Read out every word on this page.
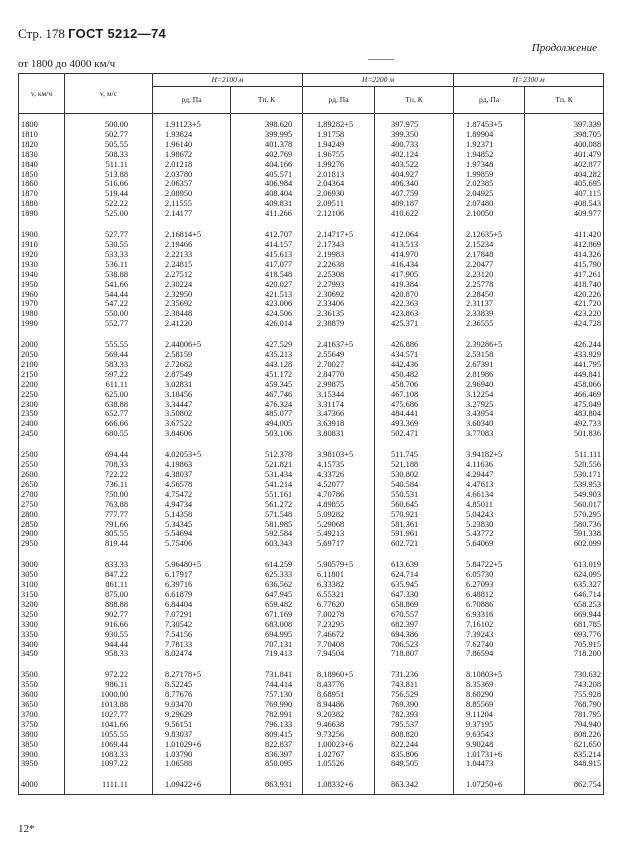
Стр. 178 ГОСТ 5212—74
Продолжение
от 1800 до 4000 км/ч
v, км/ч	v, м/с	H=2100 м		H=2200 м		H=2300 м	
		pд, Па	Tп, К	pд, Па	Tп, К	pд, Па	Tп, К
1800	500.00	1.91123+5	398.620	1.89282+5	397.975	1.87453+5	397.339
1810	502.77	1.93624	399.995	1.91758	399.350	1.89904	398.705
1820	505.55	1.96140	401.378	1.94249	400.733	1.92371	400.088
1830	508.33	1.98672	402.769	1.96755	402.124	1.94852	401.479
1840	511.11	2.01218	404.166	1.99276	403.522	1.97348	402.877
1850	513.88	2.03780	405.571	2.01813	404.927	1.99859	404.282
1860	516.66	2.06357	406.984	2.04364	406.340	2.02385	405.695
1870	519.44	2.08950	408.404	2.06930	407.759	2.04925	407.115
1880	522.22	2.11555	409.831	2.09511	409.187	2.07480	408.543
1890	525.00	2.14177	411.266	2.12106	410.622	2.10050	409.977

1900	527.77	2.16814+5	412.707	2.14717+5	412.064	2.12635+5	411.420
1910	530.55	2.19466	414.157	2.17343	413.513	2.15234	412.869
1920	533.33	2.22133	415.613	2.19983	414.970	2.17848	414.326
1930	536.11	2.24815	417.077	2.22638	416.434	2.20477	415.790
1940	538.88	2.27512	418.548	2.25308	417.905	2.23120	417.261
1950	541.66	2.30224	420.027	2.27993	419.384	2.25778	418.740
1960	544.44	2.32950	421.513	2.30692	420.870	2.28450	420.226
1970	547.22	2.35692	423.006	2.33406	422.363	2.31137	421.720
1980	550.00	2.38448	424.506	2.36135	423.863	2.33839	423.220
1990	552.77	2.41220	426.014	2.38879	425.371	2.36555	424.728

2000	555.55	2.44006+5	427.529	2.41637+5	426.886	2.39286+5	426.244
2050	569.44	2.58159	435.213	2.55649	434.571	2.53158	433.929
2100	583.33	2.72682	443.128	2.70027	442.436	2.67391	441.795
2150	597.22	2.87549	451.172	2.84770	450.482	2.81986	449.841
2200	611.11	3.02831	459.345	2.99875	458.706	2.96940	458.066
2250	625.00	3.18456	467.746	3.15344	467.108	3.12254	466.469
2300	638.88	3.34447	476.324	3.31174	475.686	3.27925	475.049
2350	652.77	3.50802	485.077	3.47366	484.441	3.43954	483.804
2400	666.66	3.67522	494.005	3.63918	493.369	3.60340	492.733
2450	680.55	3.84606	503.106	3.80831	502.471	3.77083	501.836

2500	694.44	4.02053+5	512.378	3.98103+5	511.745	3.94182+5	511.111
2550	708.33	4.19863	521.821	4.15735	521.188	4.11636	520.556
2600	722.22	4.38037	531.434	4.33726	530.802	4.29447	530.171
2650	736.11	4.56578	541.214	4.52077	540.584	4.47613	539.953
2700	750.00	4.75472	551.161	4.70786	550.531	4.66134	549.903
2750	763.88	4.94734	561.272	4.89855	560.645	4.85011	560.017
2800	777.77	5.14358	571.548	5.09282	570.921	5.04243	570.295
2850	791.66	5.34345	581.985	5.29068	581.361	5.23830	580.736
2900	805.55	5.54694	592.584	5.49213	591.961	5.43772	591.338
2950	819.44	5.75406	603.343	5.69717	602.721	5.64069	602.099

3000	833.33	5.96480+5	614.259	5.90579+5	613.639	5.84722+5	613.019
3050	847.22	6.17917	625.333	6.11801	624.714	6.05730	624.095
3100	861.11	6.39716	636.562	6.33382	635.945	6.27093	635.327
3150	875.00	6.61879	647.945	6.55321	647.330	6.48812	646.714
3200	888.88	6.84404	659.482	6.77620	658.869	6.70886	658.253
3250	902.77	7.07291	671.169	7.00278	670.557	6.93316	669.944
3300	916.66	7.30542	683.008	7.23295	682.397	7.16102	681.785
3350	930.55	7.54156	694.995	7.46672	694.386	7.39243	693.776
3400	944.44	7.78133	707.131	7.70408	706.523	7.62740	705.915
3450	958.33	8.02474	719.413	7.94504	718.807	7.86594	718.200

3500	972.22	8.27178+5	731.841	8.18960+5	731.236	8.10803+5	730.632
3550	986.11	8.52245	744.414	8.43776	743.811	8.35369	743.208
3600	1000.00	8.77676	757.130	8.68951	756.529	8.60290	755.928
3650	1013.88	9.03470	769.990	8.94486	769.390	8.85569	768.790
3700	1027.77	9.29629	782.991	9.20382	782.393	9.11204	781.795
3750	1041.66	9.56151	796.133	9.46638	795.537	9.37195	794.940
3800	1055.55	9.83037	809.415	9.73256	808.820	9.63543	808.226
3850	1069.44	1.01029+6	822.837	1.00023+6	822.244	9.90248	821.650
3900	1083.33	1.03790	836.397	1.02767	835.806	1.01731+6	835.214
3950	1097.22	1.06588	850.095	1.05526	849.505	1.04473	848.915

4000	1111.11	1.09422+6	863.931	1.08332+6	863.342	1.07250+6	862.754
12*
